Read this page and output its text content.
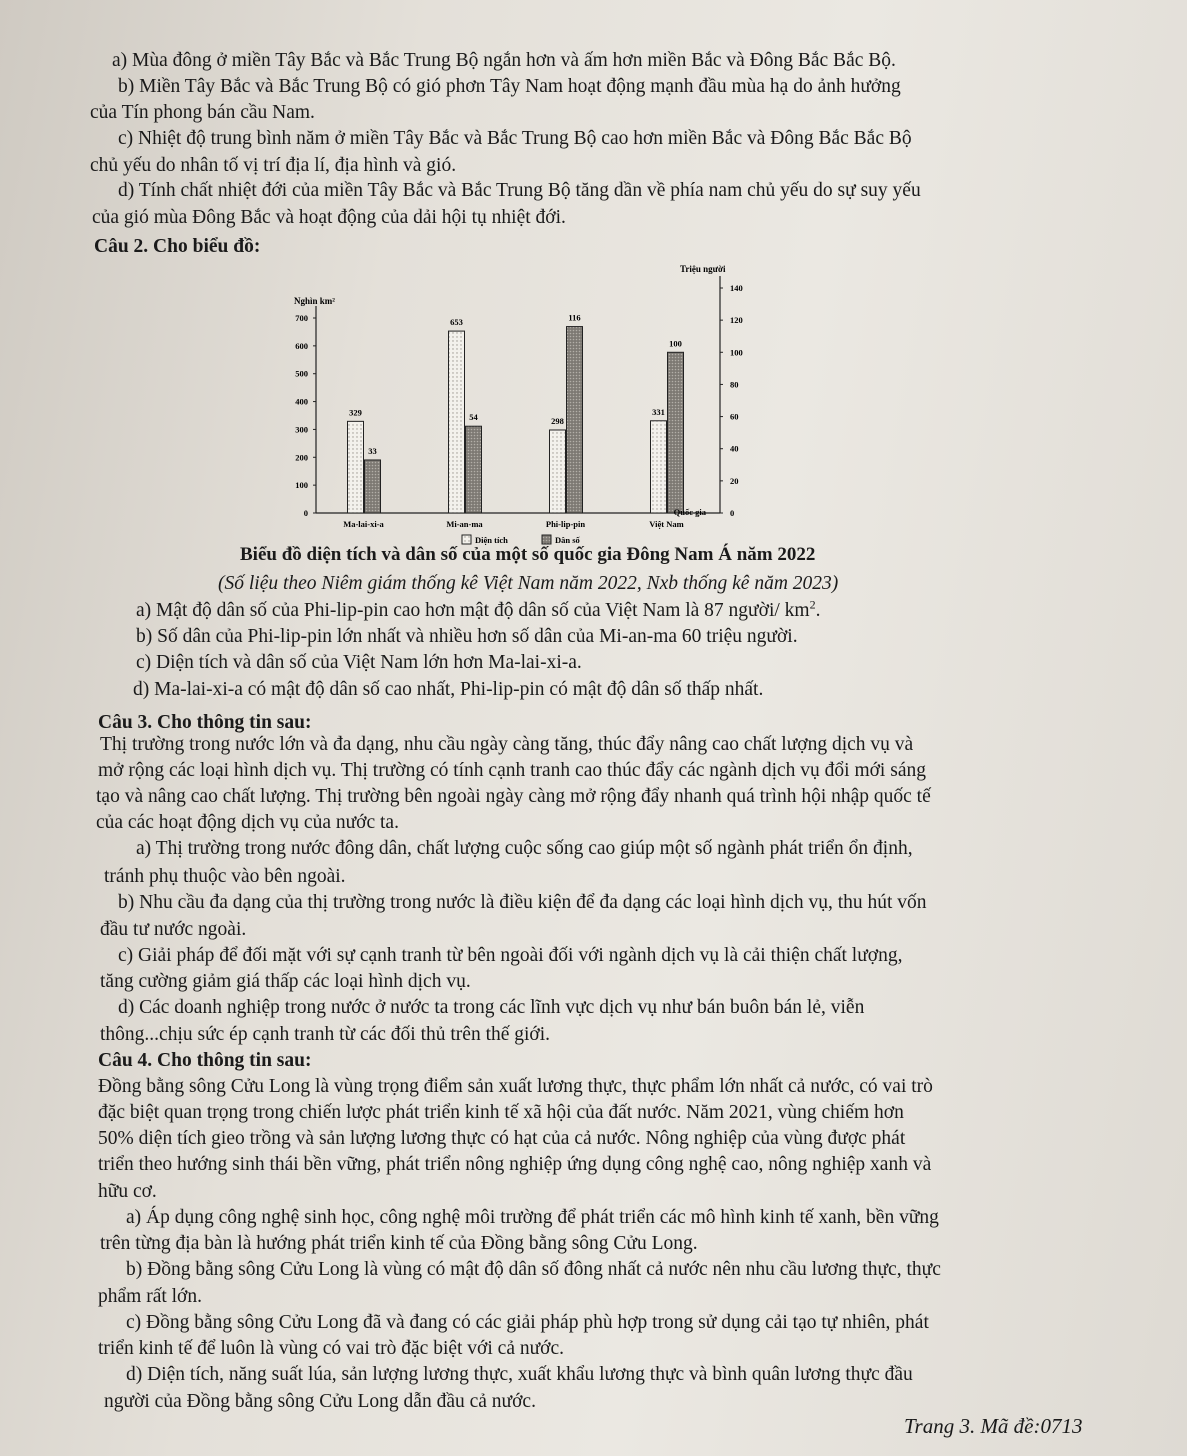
a) Mùa đông ở miền Tây Bắc và Bắc Trung Bộ ngắn hơn và ấm hơn miền Bắc và Đông Bắc Bắc Bộ.
b) Miền Tây Bắc và Bắc Trung Bộ có gió phơn Tây Nam hoạt động mạnh đầu mùa hạ do ảnh hưởng
của Tín phong bán cầu Nam.
c) Nhiệt độ trung bình năm ở miền Tây Bắc và Bắc Trung Bộ cao hơn miền Bắc và Đông Bắc Bắc Bộ
chủ yếu do nhân tố vị trí địa lí, địa hình và gió.
d) Tính chất nhiệt đới của miền Tây Bắc và Bắc Trung Bộ tăng dần về phía nam chủ yếu do sự suy yếu
của gió mùa Đông Bắc và hoạt động của dải hội tụ nhiệt đới.
Câu 2. Cho biểu đồ:
Nghìn km²
Triệu người
0
100
200
300
400
500
600
700
0
20
40
60
80
100
120
140
329
33
Ma-lai-xi-a
653
54
Mi-an-ma
298
116
Phi-lip-pin
331
100
Việt Nam
Quốc gia
Diện tích	Dân số
Biểu đồ diện tích và dân số của một số quốc gia Đông Nam Á năm 2022
(Số liệu theo Niêm giám thống kê Việt Nam năm 2022, Nxb thống kê năm 2023)
a) Mật độ dân số của Phi-lip-pin cao hơn mật độ dân số của Việt Nam là 87 người/ $km^2$.
b) Số dân của Phi-lip-pin lớn nhất và nhiều hơn số dân của Mi-an-ma 60 triệu người.
c) Diện tích và dân số của Việt Nam lớn hơn Ma-lai-xi-a.
d) Ma-lai-xi-a có mật độ dân số cao nhất, Phi-lip-pin có mật độ dân số thấp nhất.
Câu 3. Cho thông tin sau:
Thị trường trong nước lớn và đa dạng, nhu cầu ngày càng tăng, thúc đẩy nâng cao chất lượng dịch vụ và
mở rộng các loại hình dịch vụ. Thị trường có tính cạnh tranh cao thúc đẩy các ngành dịch vụ đổi mới sáng
tạo và nâng cao chất lượng. Thị trường bên ngoài ngày càng mở rộng đẩy nhanh quá trình hội nhập quốc tế
của các hoạt động dịch vụ của nước ta.
a) Thị trường trong nước đông dân, chất lượng cuộc sống cao giúp một số ngành phát triển ổn định,
tránh phụ thuộc vào bên ngoài.
b) Nhu cầu đa dạng của thị trường trong nước là điều kiện để đa dạng các loại hình dịch vụ, thu hút vốn
đầu tư nước ngoài.
c) Giải pháp để đối mặt với sự cạnh tranh từ bên ngoài đối với ngành dịch vụ là cải thiện chất lượng,
tăng cường giảm giá thấp các loại hình dịch vụ.
d) Các doanh nghiệp trong nước ở nước ta trong các lĩnh vực dịch vụ như bán buôn bán lẻ, viễn
thông...chịu sức ép cạnh tranh từ các đối thủ trên thế giới.
Câu 4. Cho thông tin sau:
Đồng bằng sông Cửu Long là vùng trọng điểm sản xuất lương thực, thực phẩm lớn nhất cả nước, có vai trò
đặc biệt quan trọng trong chiến lược phát triển kinh tế xã hội của đất nước. Năm 2021, vùng chiếm hơn
50% diện tích gieo trồng và sản lượng lương thực có hạt của cả nước. Nông nghiệp của vùng được phát
triển theo hướng sinh thái bền vững, phát triển nông nghiệp ứng dụng công nghệ cao, nông nghiệp xanh và
hữu cơ.
a) Áp dụng công nghệ sinh học, công nghệ môi trường để phát triển các mô hình kinh tế xanh, bền vững
trên từng địa bàn là hướng phát triển kinh tế của Đồng bằng sông Cửu Long.
b) Đồng bằng sông Cửu Long là vùng có mật độ dân số đông nhất cả nước nên nhu cầu lương thực, thực
phẩm rất lớn.
c) Đồng bằng sông Cửu Long đã và đang có các giải pháp phù hợp trong sử dụng cải tạo tự nhiên, phát
triển kinh tế để luôn là vùng có vai trò đặc biệt với cả nước.
d) Diện tích, năng suất lúa, sản lượng lương thực, xuất khẩu lương thực và bình quân lương thực đầu
người của Đồng bằng sông Cửu Long dẫn đầu cả nước.
Trang 3. Mã đề:0713
